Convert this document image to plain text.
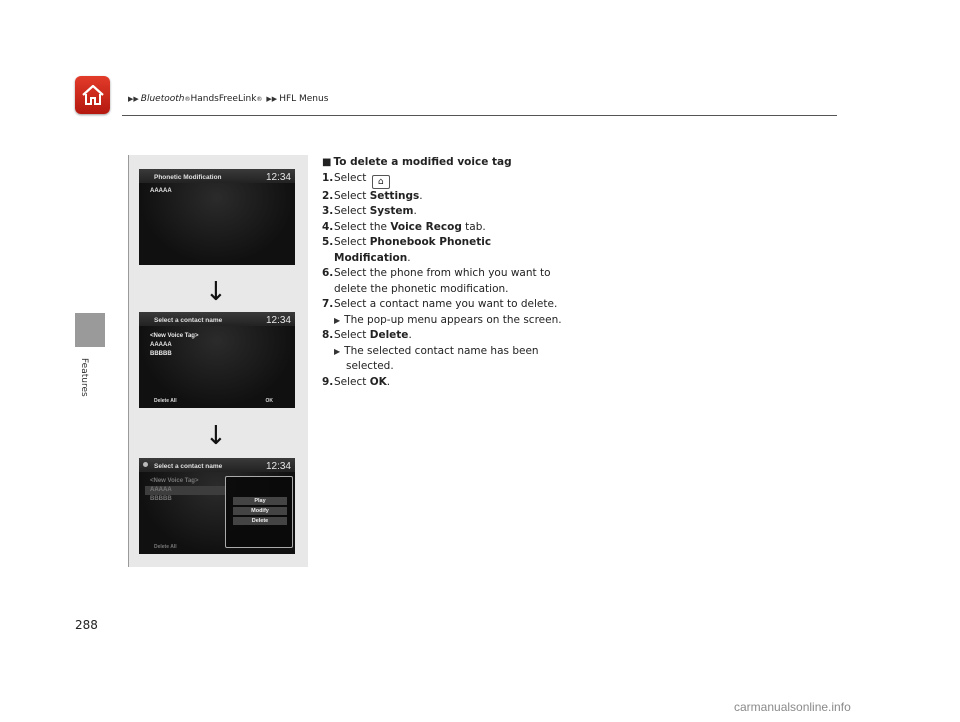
▶▶ Bluetooth ® HandsFreeLink ® ▶▶ HFL Menus
Features
Phonetic Modification	12:34
AAAAA
↓
Select a contact name	12:34
<New Voice Tag>
AAAAA
BBBBB
Delete All	OK
↓
Select a contact name	12:34
<New Voice Tag>
AAAAA
BBBBB
Delete All
Play
Modify
Delete
■ To delete a modified voice tag
1. Select ⌂
2. Select Settings.
3. Select System.
4. Select the Voice Recog tab.
5. Select Phonebook Phonetic
Modification.
6. Select the phone from which you want to
delete the phonetic modification.
7. Select a contact name you want to delete.
▶ The pop-up menu appears on the screen.
8. Select Delete.
▶ The selected contact name has been
selected.
9. Select OK.
288
carmanualsonline.info
